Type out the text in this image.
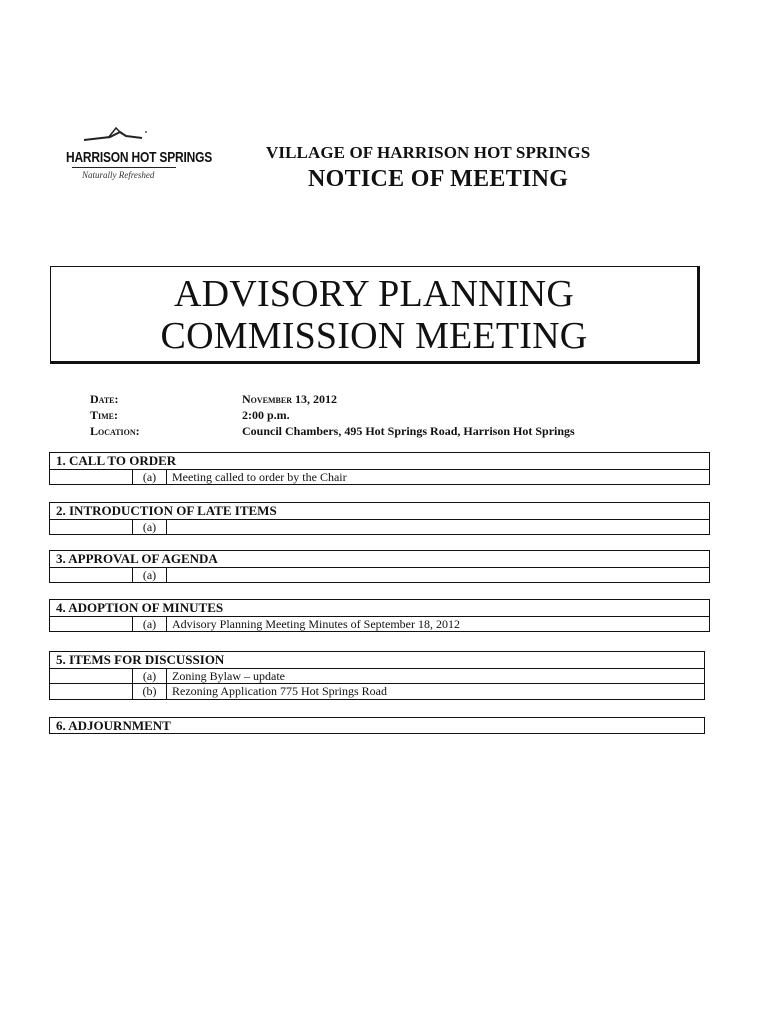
HARRISON HOT SPRINGS
Naturally Refreshed
VILLAGE OF HARRISON HOT SPRINGS
NOTICE OF MEETING
ADVISORY PLANNING
COMMISSION MEETING
Date:	November 13, 2012
Time:	2:00 p.m.
Location:	Council Chambers, 495 Hot Springs Road, Harrison Hot Springs
1. CALL TO ORDER
(a)	Meeting called to order by the Chair
2. INTRODUCTION OF LATE ITEMS
(a)
3. APPROVAL OF AGENDA
(a)
4. ADOPTION OF MINUTES
(a)	Advisory Planning Meeting Minutes of September 18, 2012
5. ITEMS FOR DISCUSSION
(a)	Zoning Bylaw – update
(b)	Rezoning Application 775 Hot Springs Road
6. ADJOURNMENT
